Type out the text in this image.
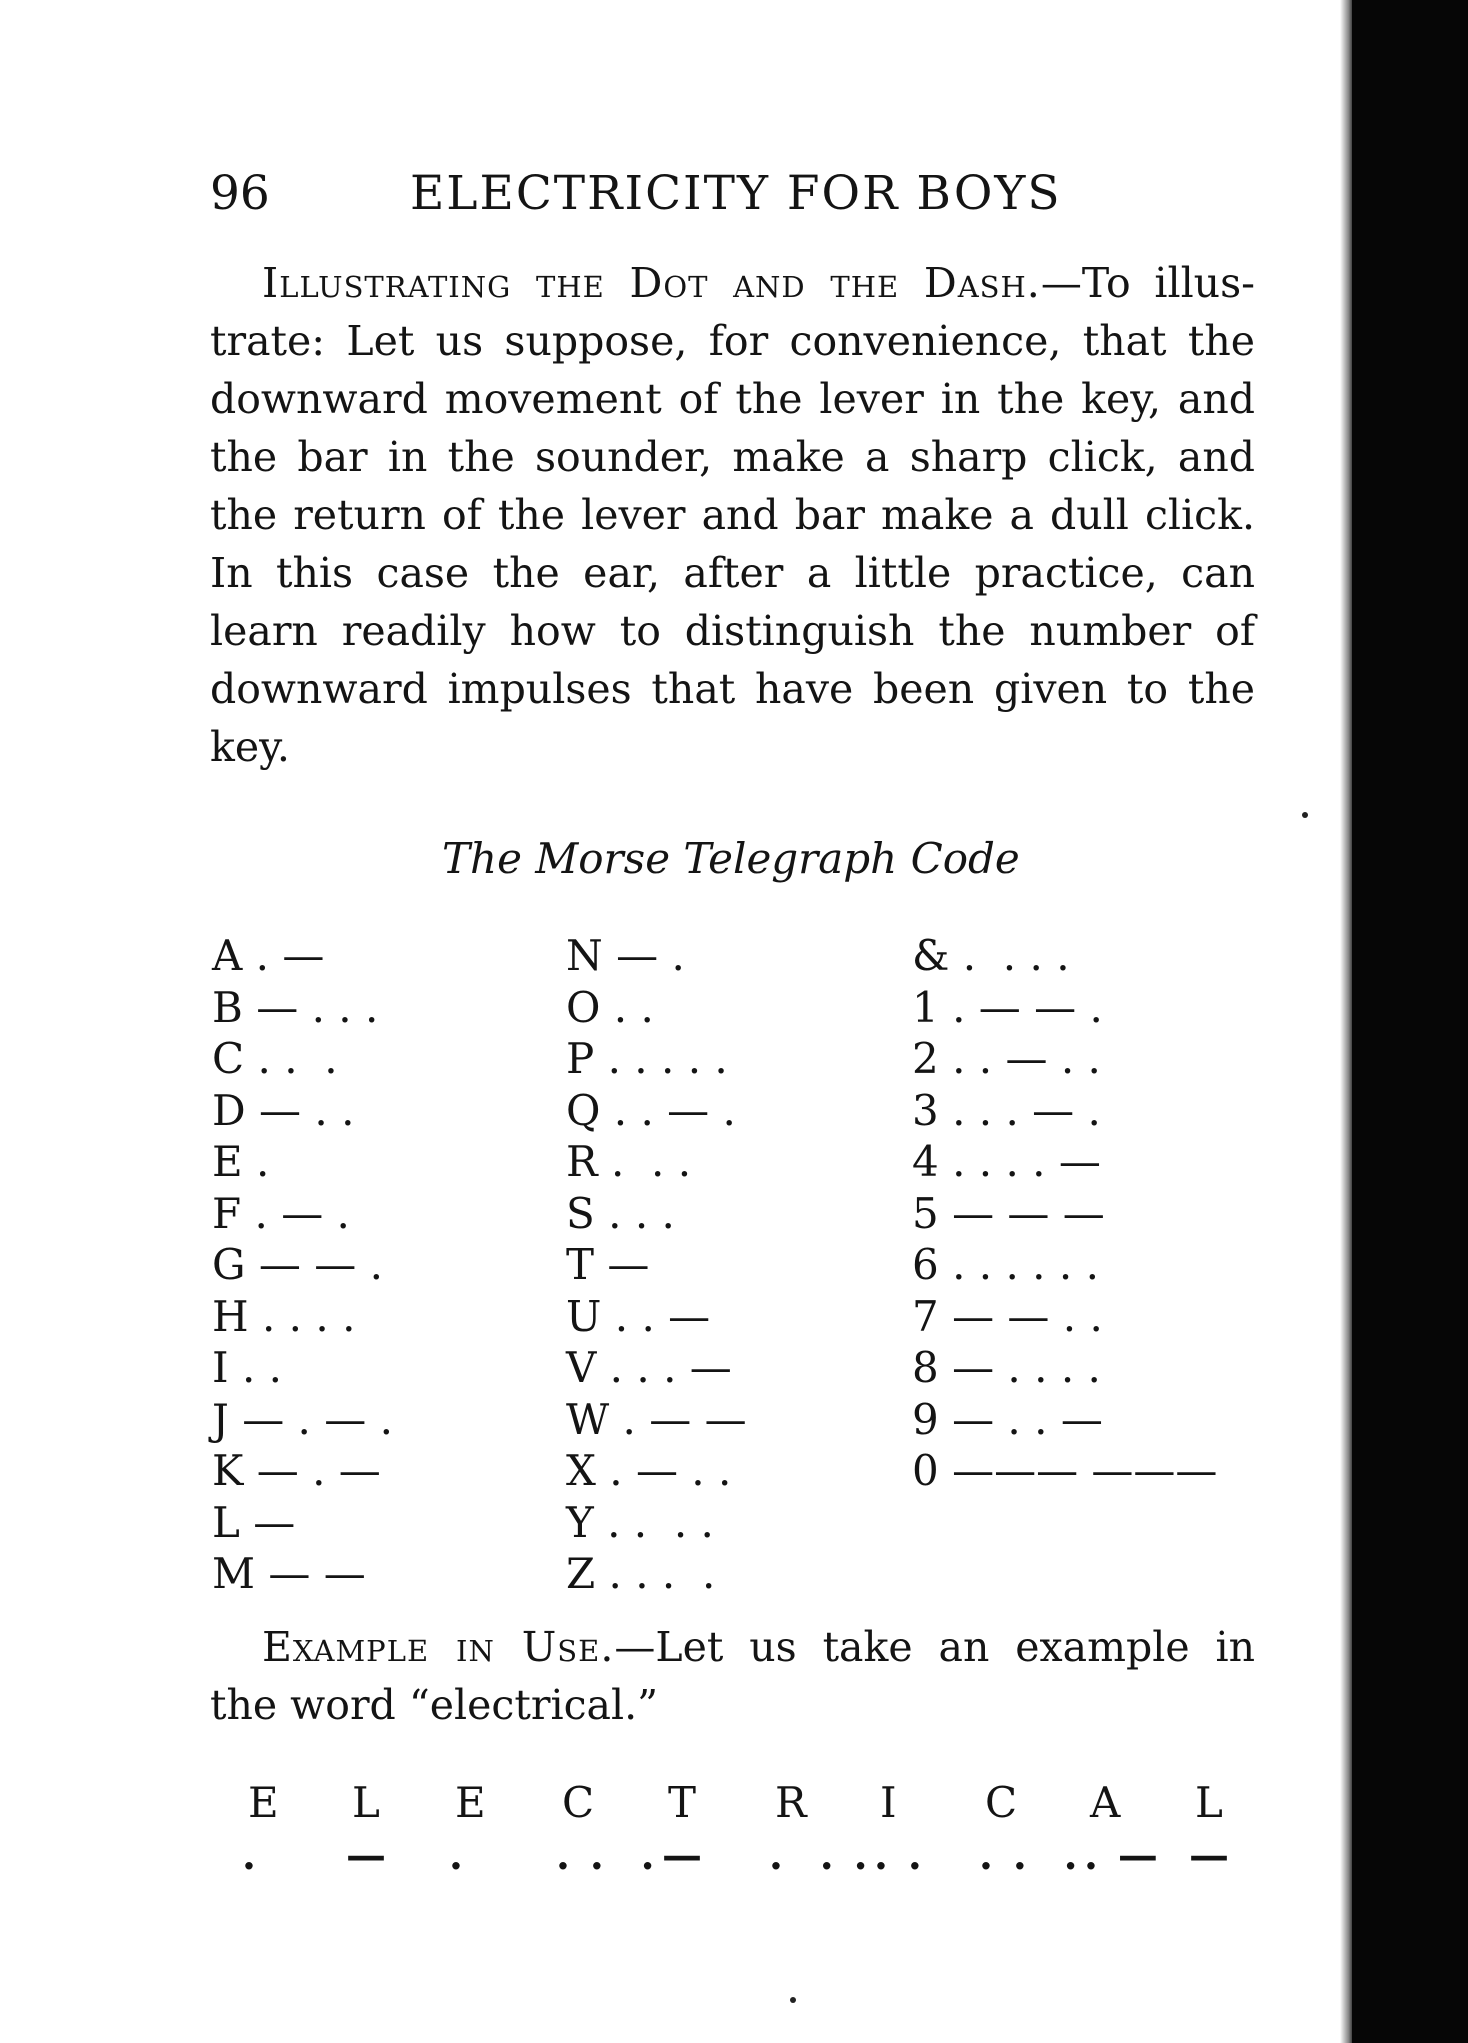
96	ELECTRICITY FOR BOYS
Illustrating the Dot and the Dash.—To illus-
trate: Let us suppose, for convenience, that the
downward movement of the lever in the key, and
the bar in the sounder, make a sharp click, and
the return of the lever and bar make a dull click.
In this case the ear, after a little practice, can
learn readily how to distinguish the number of
downward impulses that have been given to the
key.
The Morse Telegraph Code
A . —
B — . . .
C . .  .
D — . .
E .
F . — .
G — — .
H . . . .
I . .
J — . — .
K — . —
L —
M — —
N — .
O . .
P . . . . .
Q . . — .
R .  . .
S . . .
T —
U . . —
V . . . —
W . — —
X . — . .
Y . .  . .
Z . . .  .
& .  . . .
1 . — — .
2 . . — . .
3 . . . — .
4 . . . . —
5 — — —
6 . . . . . .
7 — — . .
8 — . . . .
9 — . . —
0 ——— ———
Example in Use.—Let us take an example in
the word “electrical.”
E L E C T R I C A L
. — . . .  . — .  . . . . . .  . . — —
